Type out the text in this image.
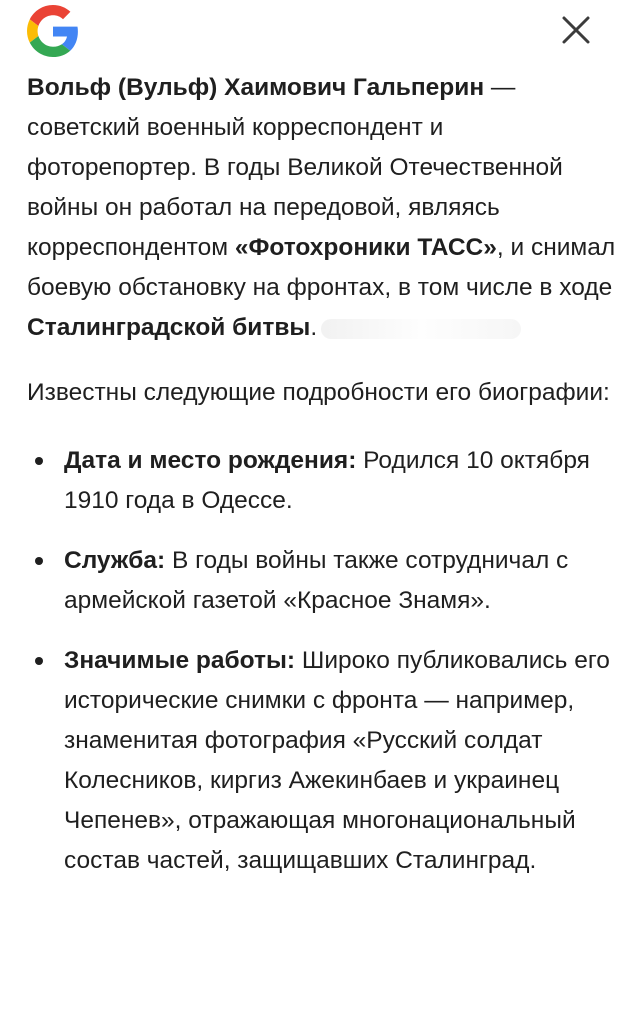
Вольф (Вульф) Хаимович Гальперин — советский военный корреспондент и фоторепортер. В годы Великой Отечественной войны он работал на передовой, являясь корреспондентом «Фотохроники ТАСС», и снимал боевую обстановку на фронтах, в том числе в ходе Сталинградской битвы.

Известны следующие подробности его биографии:

Дата и место рождения: Родился 10 октября 1910 года в Одессе.
Служба: В годы войны также сотрудничал с армейской газетой «Красное Знамя».
Значимые работы: Широко публиковались его исторические снимки с фронта — например, знаменитая фотография «Русский солдат Колесников, киргиз Ажекинбаев и украинец Чепенев», отражающая многонациональный состав частей, защищавших Сталинград.
